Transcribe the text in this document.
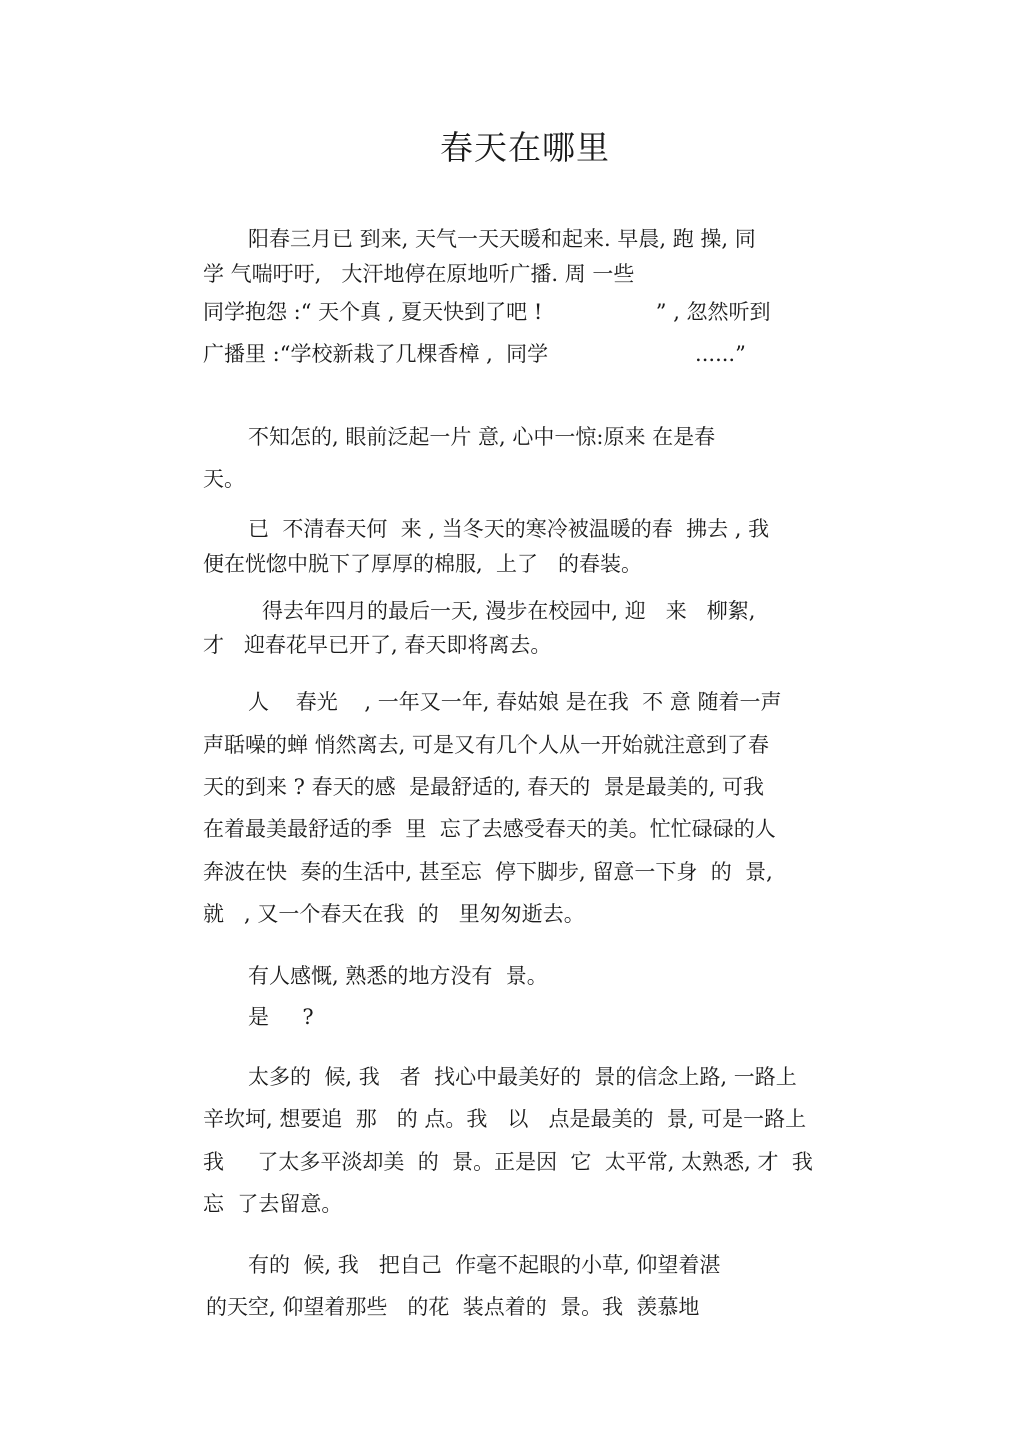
春天在哪里
阳春三月已 到来, 天气一天天暖和起来. 早晨, 跑 操, 同
学 气喘吁吁,   大汗地停在原地听广播. 周 一些
同学抱怨 :“ 天个真 , 夏天快到了吧 !                 ” , 忽然听到
广播里 :“学校新栽了几棵香樟 ,  同学                      ......”
不知怎的, 眼前泛起一片 意, 心中一惊:原来 在是春
天。
已  不清春天何  来 , 当冬天的寒冷被温暖的春  拂去 , 我
便在恍惚中脱下了厚厚的棉服,  上了   的春装。
得去年四月的最后一天, 漫步在校园中, 迎   来   柳絮,
才   迎春花早已开了, 春天即将离去。
人    春光    , 一年又一年, 春姑娘 是在我  不 意 随着一声
声聒噪的蝉 悄然离去, 可是又有几个人从一开始就注意到了春
天的到来 ? 春天的感  是最舒适的, 春天的  景是最美的, 可我
在着最美最舒适的季  里  忘了去感受春天的美。忙忙碌碌的人
奔波在快  奏的生活中, 甚至忘  停下脚步, 留意一下身  的  景,
就   , 又一个春天在我  的   里匆匆逝去。
有人感慨, 熟悉的地方没有  景。
是     ?
太多的  候, 我   者  找心中最美好的  景的信念上路, 一路上
辛坎坷, 想要追  那   的 点。我   以   点是最美的  景, 可是一路上
我     了太多平淡却美  的  景。正是因  它  太平常, 太熟悉, 才  我
忘  了去留意。
有的  候, 我   把自己  作毫不起眼的小草, 仰望着湛
的天空, 仰望着那些   的花  装点着的  景。我  羡慕地
